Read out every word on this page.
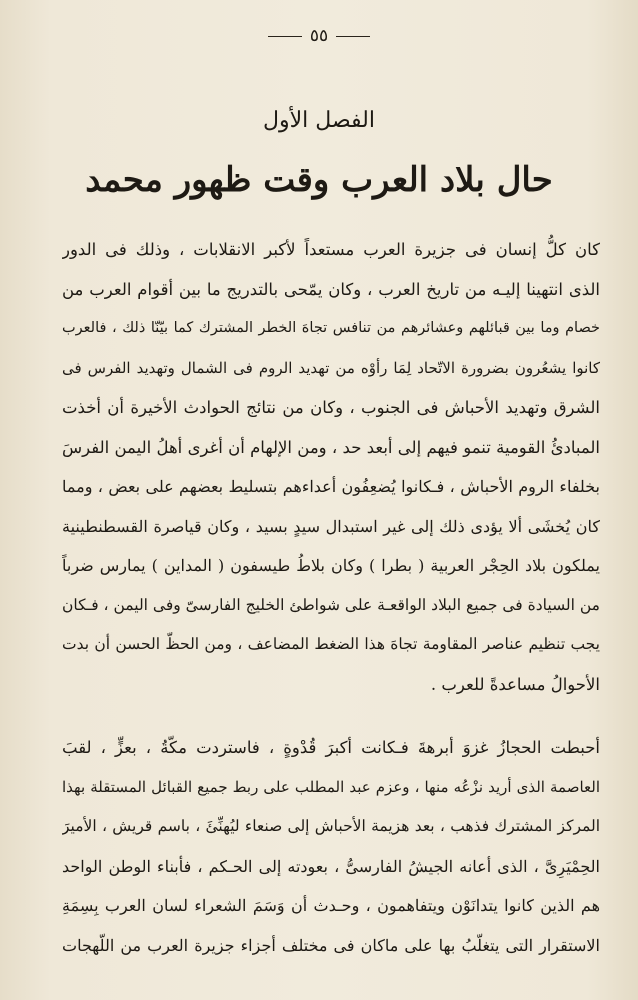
٥٥
الفصل الأول
حال بلاد العرب وقت ظهور محمد
كان كلُّ إنسان فى جزيرة العرب مستعداً لأكبر الانقلابات ، وذلك فى الدور
الذى انتهينا إليـه من تاريخ العرب ، وكان يمّحى بالتدريج ما بين أقوام العرب من
خصام وما بين قبائلهم وعشائرهم من تنافس تجاهَ الخطر المشترك كما بيّنّا ذلك ، فالعرب
كانوا يشعُرون بضرورة الاتّحاد لِمَا رأوْه من تهديد الروم فى الشمال وتهديد الفرس فى
الشرق وتهديد الأحباش فى الجنوب ، وكان من نتائج الحوادث الأخيرة أن أخذت
المبادئُ القومية تنمو فيهم إلى أبعد حد ، ومن الإلهام أن أغرى أهلُ اليمن الفرسَ
بخلفاء الروم الأحباش ، فـكانوا يُضعِفُون أعداءهم بتسليط بعضهم على بعض ، ومما
كان يُخشَى ألا يؤدى ذلك إلى غير استبدال سيدٍ بسيد ، وكان قياصرة القسطنطينية
يملكون بلاد الحِجْر العربية ( بطرا ) وكان بلاطُ طيسفون ( المداين ) يمارس ضرباً
من السيادة فى جميع البلاد الواقعـة على شواطئ الخليج الفارسىّ وفى اليمن ، فـكان
يجب تنظيم عناصر المقاومة تجاهَ هذا الضغط المضاعف ، ومن الحظّ الحسن أن بدت
الأحوالُ مساعدةً للعرب .
أحبطت الحجازُ غزوَ أبرهةَ فـكانت أكبرَ قُدْوةٍ ، فاستردت مكّةُ ، بعزٍّ ، لقبَ
العاصمة الذى أريد نزْعُه منها ، وعزم عبد المطلب على ربط جميع القبائل المستقلة بهذا
المركز المشترك فذهب ، بعد هزيمة الأحباش إلى صنعاء ليُهنِّئَ ، باسم قريش ، الأميرَ
الحِمْيَرِىَّ ، الذى أعانه الجيشُ الفارسىُّ ، بعودته إلى الحـكم ، فأبناء الوطن الواحد
هم الذين كانوا يتدانَوْن ويتفاهمون ، وحـدث أن وَسَمَ الشعراء لسان العرب بِسِمَةِ
الاستقرار التى يتغلّبُ بها على ماكان فى مختلف أجزاء جزيرة العرب من اللّهجات
